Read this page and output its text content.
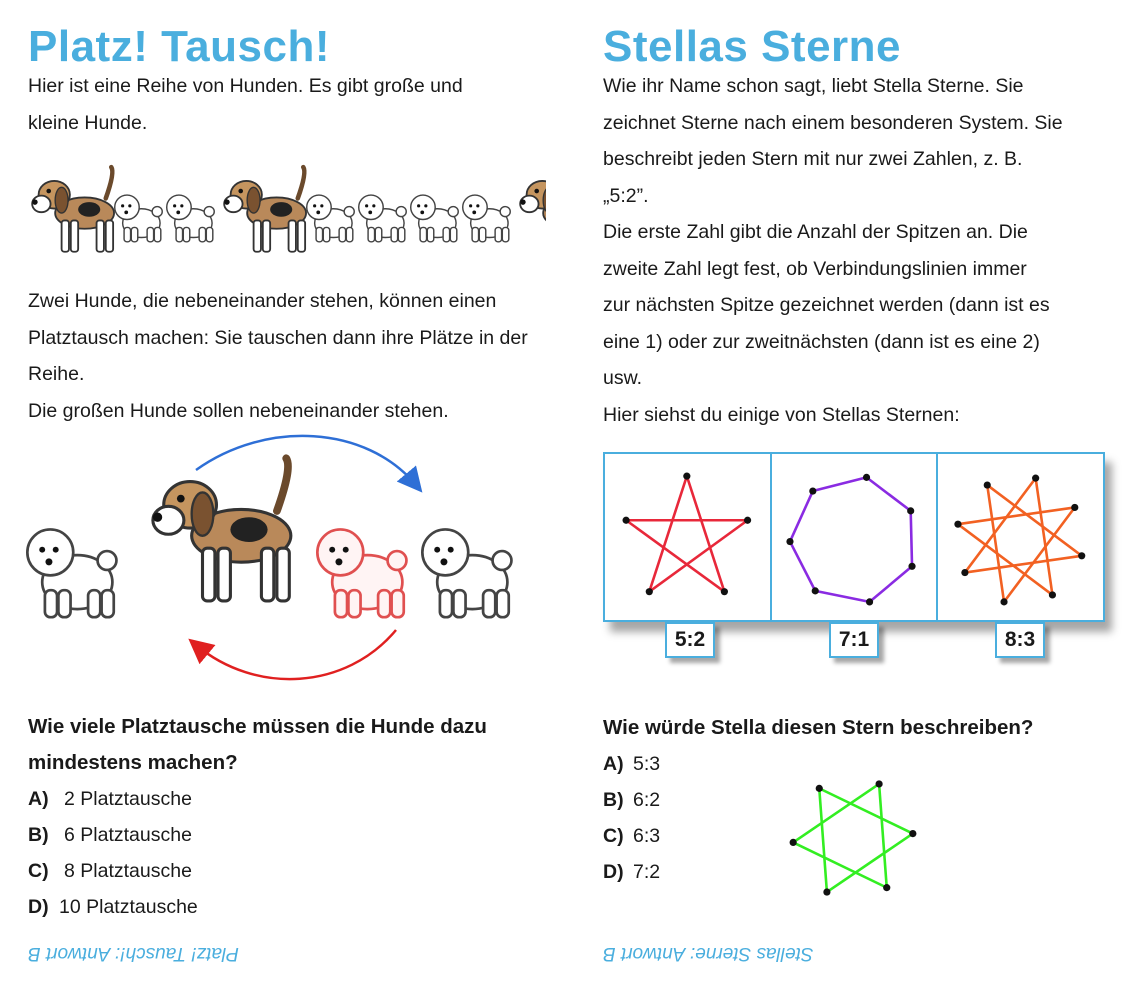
Platz! Tausch!
Hier ist eine Reihe von Hunden. Es gibt große und
kleine Hunde.
Zwei Hunde, die nebeneinander stehen, können einen
Platztausch machen: Sie tauschen dann ihre Plätze in der
Reihe.
Die großen Hunde sollen nebeneinander stehen.
Wie viele Platztausche müssen die Hunde dazu
mindestens machen?
A) 2 Platztausche
B) 6 Platztausche
C) 8 Platztausche
D) 10 Platztausche
Platz! Tausch!: Antwort B
Stellas Sterne
Wie ihr Name schon sagt, liebt Stella Sterne. Sie
zeichnet Sterne nach einem besonderen System. Sie
beschreibt jeden Stern mit nur zwei Zahlen, z. B.
„5:2”.
Die erste Zahl gibt die Anzahl der Spitzen an. Die
zweite Zahl legt fest, ob Verbindungslinien immer
zur nächsten Spitze gezeichnet werden (dann ist es
eine 1) oder zur zweitnächsten (dann ist es eine 2)
usw.
Hier siehst du einige von Stellas Sternen:
5:2	7:1	8:3
Wie würde Stella diesen Stern beschreiben?
A) 5:3
B) 6:2
C) 6:3
D) 7:2
Stellas Sterne: Antwort B
